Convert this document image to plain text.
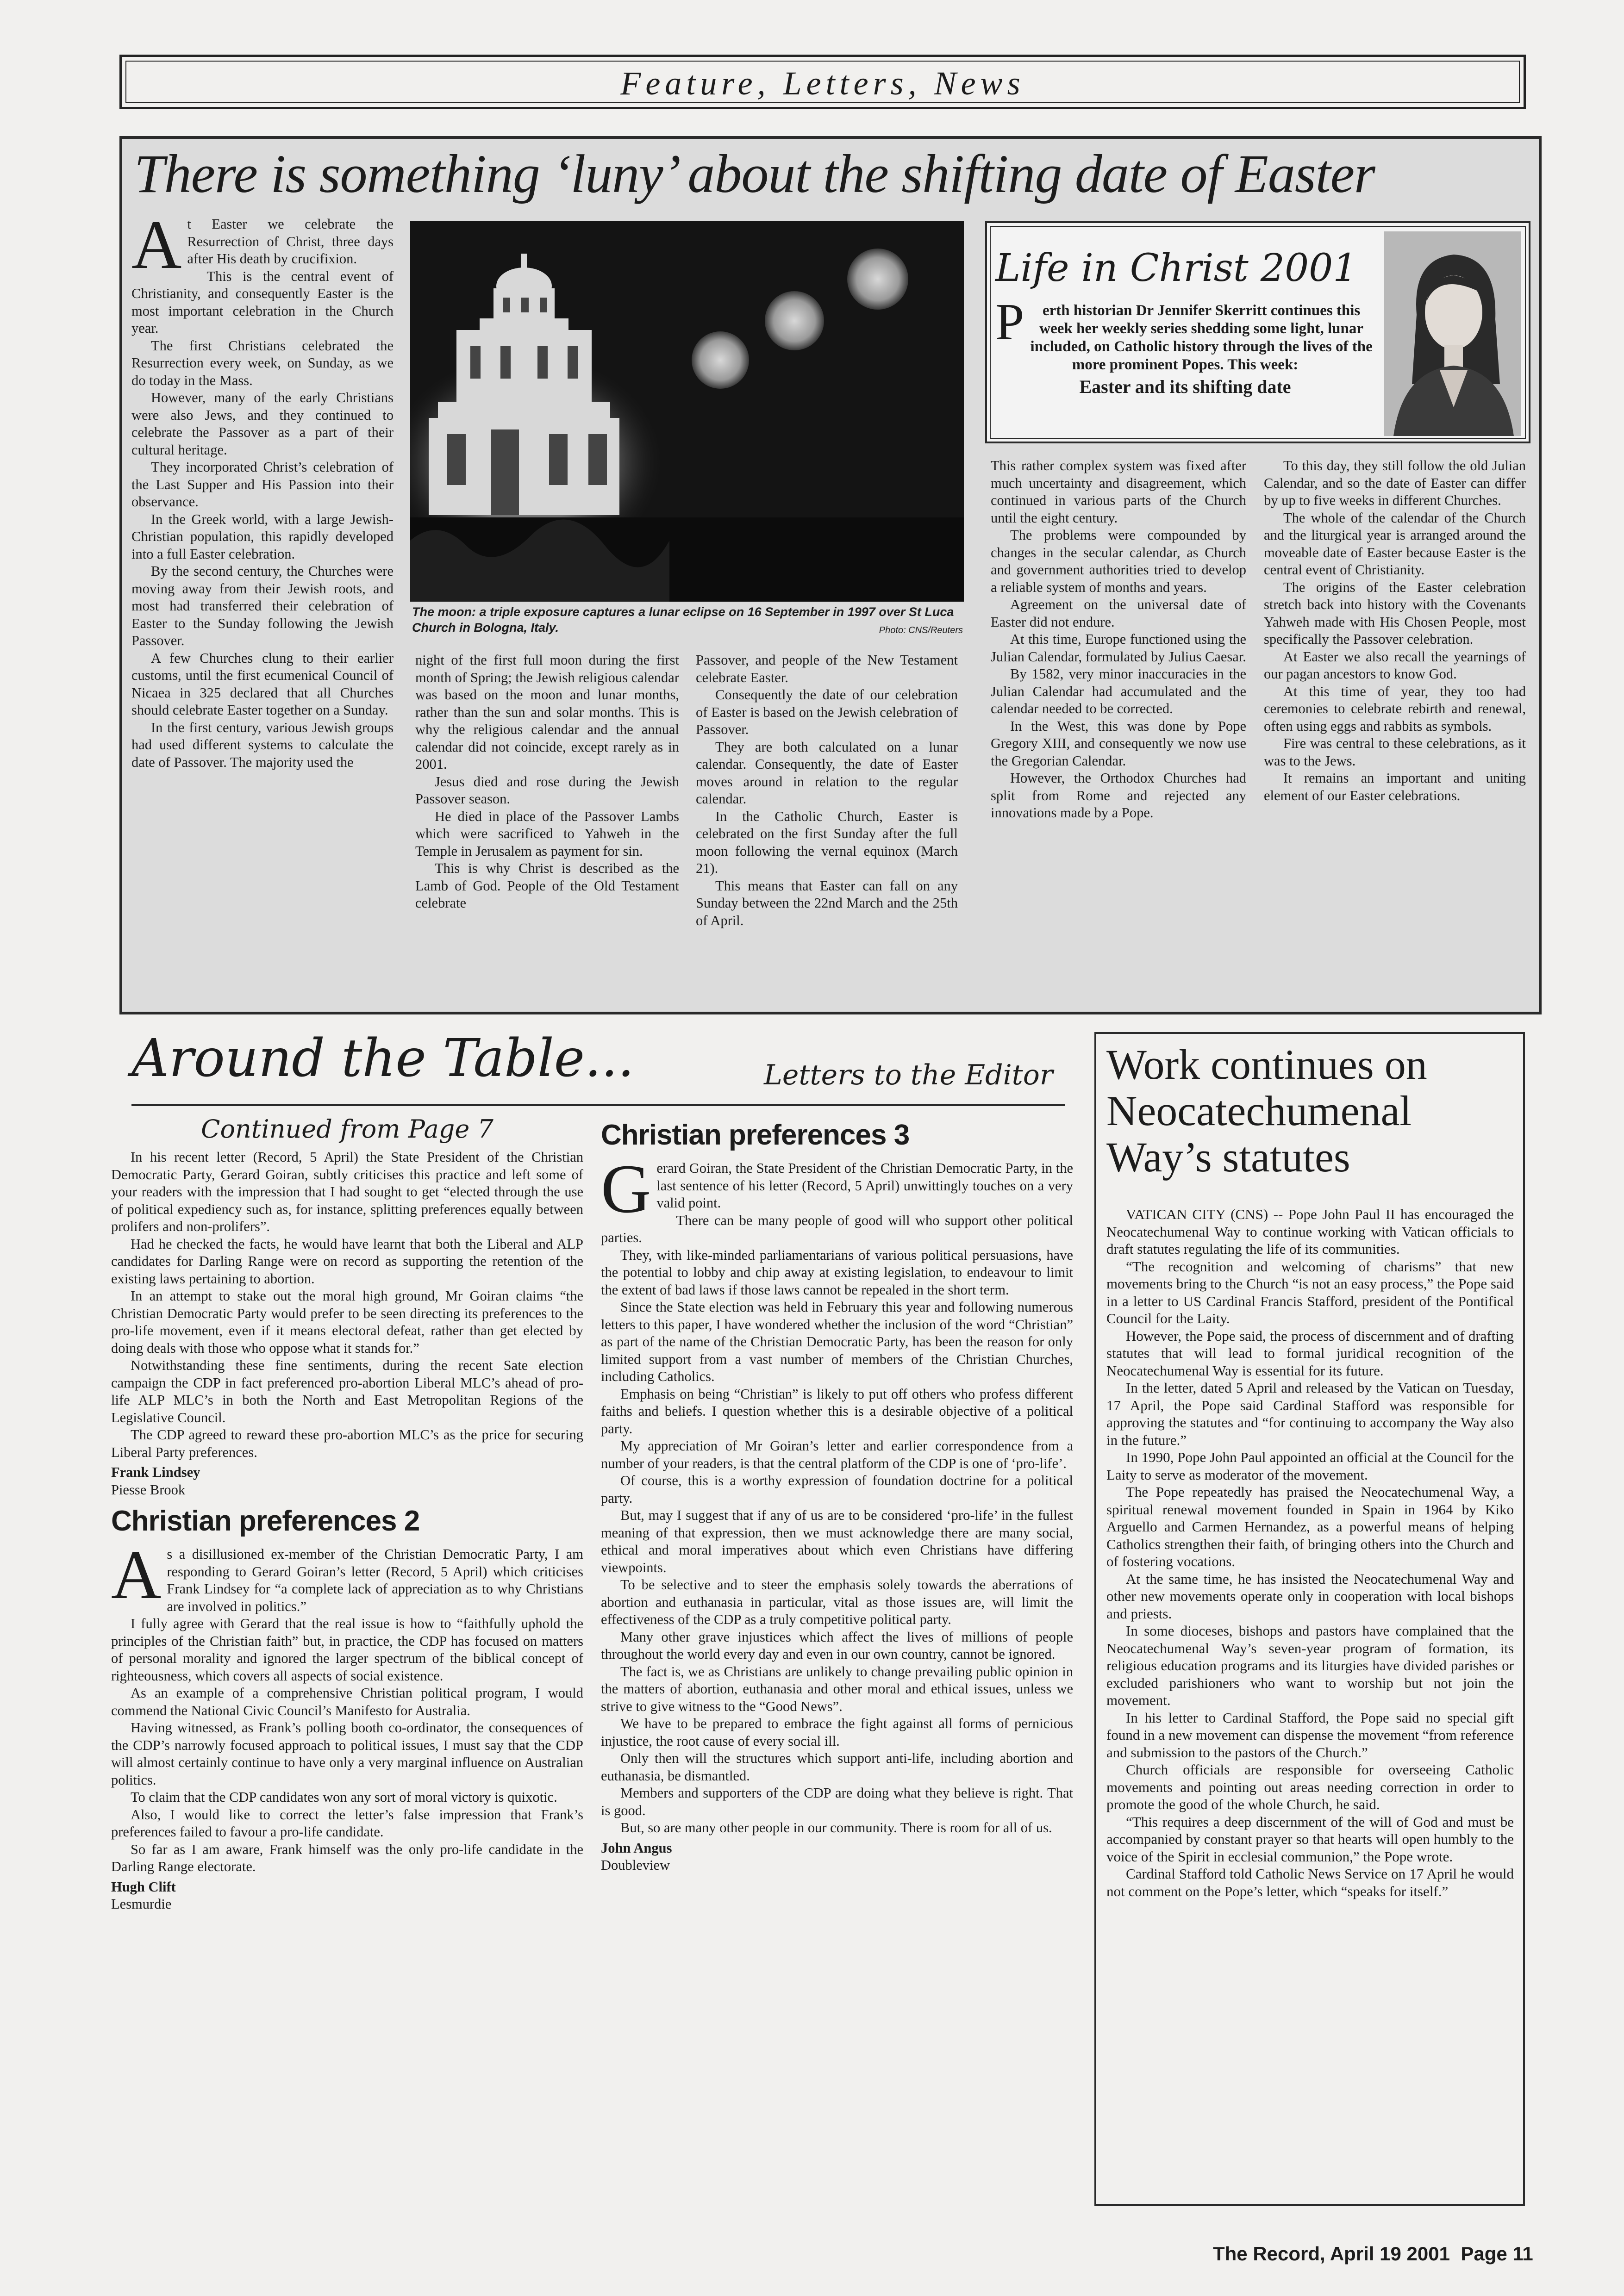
Feature, Letters, News
There is something ‘luny’ about the shifting date of Easter

At Easter we celebrate the Resurrection of Christ, three days after His death by crucifixion.

This is the central event of Christianity, and consequently Easter is the most important celebration in the Church year.

The first Christians celebrated the Resurrection every week, on Sunday, as we do today in the Mass.

However, many of the early Christians were also Jews, and they continued to celebrate the Passover as a part of their cultural heritage.

They incorporated Christ’s celebration of the Last Supper and His Passion into their observance.

In the Greek world, with a large Jewish-Christian population, this rapidly developed into a full Easter celebration.

By the second century, the Churches were moving away from their Jewish roots, and most had transferred their celebration of Easter to the Sunday following the Jewish Passover.

A few Churches clung to their earlier customs, until the first ecumenical Council of Nicaea in 325 declared that all Churches should celebrate Easter together on a Sunday.

In the first century, various Jewish groups had used different systems to calculate the date of Passover. The majority used the

The moon: a triple exposure captures a lunar eclipse on 16 September in 1997 over St Luca Church in Bologna, Italy.	Photo: CNS/Reuters

night of the first full moon during the first month of Spring; the Jewish religious calendar was based on the moon and lunar months, rather than the sun and solar months. This is why the religious calendar and the annual calendar did not coincide, except rarely as in 2001.

Jesus died and rose during the Jewish Passover season.

He died in place of the Passover Lambs which were sacrificed to Yahweh in the Temple in Jerusalem as payment for sin.

This is why Christ is described as the Lamb of God. People of the Old Testament celebrate

Passover, and people of the New Testament celebrate Easter.

Consequently the date of our celebration of Easter is based on the Jewish celebration of Passover.

They are both calculated on a lunar calendar. Consequently, the date of Easter moves around in relation to the regular calendar.

In the Catholic Church, Easter is celebrated on the first Sunday after the full moon following the vernal equinox (March 21).

This means that Easter can fall on any Sunday between the 22nd March and the 25th of April.

Life in Christ 2001
P erth historian Dr Jennifer Skerritt continues this week her weekly series shedding some light, lunar included, on Catholic history through the lives of the more prominent Popes. This week:
Easter and its shifting date

This rather complex system was fixed after much uncertainty and disagreement, which continued in various parts of the Church until the eight century.

The problems were compounded by changes in the secular calendar, as Church and government authorities tried to develop a reliable system of months and years.

Agreement on the universal date of Easter did not endure.

At this time, Europe functioned using the Julian Calendar, formulated by Julius Caesar.

By 1582, very minor inaccuracies in the Julian Calendar had accumulated and the calendar needed to be corrected.

In the West, this was done by Pope Gregory XIII, and consequently we now use the Gregorian Calendar.

However, the Orthodox Churches had split from Rome and rejected any innovations made by a Pope.

To this day, they still follow the old Julian Calendar, and so the date of Easter can differ by up to five weeks in different Churches.

The whole of the calendar of the Church and the liturgical year is arranged around the moveable date of Easter because Easter is the central event of Christianity.

The origins of the Easter celebration stretch back into history with the Covenants Yahweh made with His Chosen People, most specifically the Passover celebration.

At Easter we also recall the yearnings of our pagan ancestors to know God.

At this time of year, they too had ceremonies to celebrate rebirth and renewal, often using eggs and rabbits as symbols.

Fire was central to these celebrations, as it was to the Jews.

It remains an important and uniting element of our Easter celebrations.

Around the Table...	Letters to the Editor
Continued from Page 7

In his recent letter (Record, 5 April) the State President of the Christian Democratic Party, Gerard Goiran, subtly criticises this practice and left some of your readers with the impression that I had sought to get “elected through the use of political expediency such as, for instance, splitting preferences equally between prolifers and non-prolifers”.

Had he checked the facts, he would have learnt that both the Liberal and ALP candidates for Darling Range were on record as supporting the retention of the existing laws pertaining to abortion.

In an attempt to stake out the moral high ground, Mr Goiran claims “the Christian Democratic Party would prefer to be seen directing its preferences to the pro-life movement, even if it means electoral defeat, rather than get elected by doing deals with those who oppose what it stands for.”

Notwithstanding these fine sentiments, during the recent Sate election campaign the CDP in fact preferenced pro-abortion Liberal MLC’s ahead of pro-life ALP MLC’s in both the North and East Metropolitan Regions of the Legislative Council.

The CDP agreed to reward these pro-abortion MLC’s as the price for securing Liberal Party preferences.

Frank Lindsey

Piesse Brook

Christian preferences 2

As a disillusioned ex-member of the Christian Democratic Party, I am responding to Gerard Goiran’s letter (Record, 5 April) which criticises Frank Lindsey for “a complete lack of appreciation as to why Christians are involved in politics.”

I fully agree with Gerard that the real issue is how to “faithfully uphold the principles of the Christian faith” but, in practice, the CDP has focused on matters of personal morality and ignored the larger spectrum of the biblical concept of righteousness, which covers all aspects of social existence.

As an example of a comprehensive Christian political program, I would commend the National Civic Council’s Manifesto for Australia.

Having witnessed, as Frank’s polling booth co-ordinator, the consequences of the CDP’s narrowly focused approach to political issues, I must say that the CDP will almost certainly continue to have only a very marginal influence on Australian politics.

To claim that the CDP candidates won any sort of moral victory is quixotic.

Also, I would like to correct the letter’s false impression that Frank’s preferences failed to favour a pro-life candidate.

So far as I am aware, Frank himself was the only pro-life candidate in the Darling Range electorate.

Hugh Clift

Lesmurdie

Christian preferences 3

Gerard Goiran, the State President of the Christian Democratic Party, in the last sentence of his letter (Record, 5 April) unwittingly touches on a very valid point.

There can be many people of good will who support other political parties.

They, with like-minded parliamentarians of various political persuasions, have the potential to lobby and chip away at existing legislation, to endeavour to limit the extent of bad laws if those laws cannot be repealed in the short term.

Since the State election was held in February this year and following numerous letters to this paper, I have wondered whether the inclusion of the word “Christian” as part of the name of the Christian Democratic Party, has been the reason for only limited support from a vast number of members of the Christian Churches, including Catholics.

Emphasis on being “Christian” is likely to put off others who profess different faiths and beliefs. I question whether this is a desirable objective of a political party.

My appreciation of Mr Goiran’s letter and earlier correspondence from a number of your readers, is that the central platform of the CDP is one of ‘pro-life’.

Of course, this is a worthy expression of foundation doctrine for a political party.

But, may I suggest that if any of us are to be considered ‘pro-life’ in the fullest meaning of that expression, then we must acknowledge there are many social, ethical and moral imperatives about which even Christians have differing viewpoints.

To be selective and to steer the emphasis solely towards the aberrations of abortion and euthanasia in particular, vital as those issues are, will limit the effectiveness of the CDP as a truly competitive political party.

Many other grave injustices which affect the lives of millions of people throughout the world every day and even in our own country, cannot be ignored.

The fact is, we as Christians are unlikely to change prevailing public opinion in the matters of abortion, euthanasia and other moral and ethical issues, unless we strive to give witness to the “Good News”.

We have to be prepared to embrace the fight against all forms of pernicious injustice, the root cause of every social ill.

Only then will the structures which support anti-life, including abortion and euthanasia, be dismantled.

Members and supporters of the CDP are doing what they believe is right. That is good.

But, so are many other people in our community. There is room for all of us.

John Angus

Doubleview

Work continues on Neocatechumenal Way’s statutes

VATICAN CITY (CNS) -- Pope John Paul II has encouraged the Neocatechumenal Way to continue working with Vatican officials to draft statutes regulating the life of its communities.

“The recognition and welcoming of charisms” that new movements bring to the Church “is not an easy process,” the Pope said in a letter to US Cardinal Francis Stafford, president of the Pontifical Council for the Laity.

However, the Pope said, the process of discernment and of drafting statutes that will lead to formal juridical recognition of the Neocatechumenal Way is essential for its future.

In the letter, dated 5 April and released by the Vatican on Tuesday, 17 April, the Pope said Cardinal Stafford was responsible for approving the statutes and “for continuing to accompany the Way also in the future.”

In 1990, Pope John Paul appointed an official at the Council for the Laity to serve as moderator of the movement.

The Pope repeatedly has praised the Neocatechumenal Way, a spiritual renewal movement founded in Spain in 1964 by Kiko Arguello and Carmen Hernandez, as a powerful means of helping Catholics strengthen their faith, of bringing others into the Church and of fostering vocations.

At the same time, he has insisted the Neocatechumenal Way and other new movements operate only in cooperation with local bishops and priests.

In some dioceses, bishops and pastors have complained that the Neocatechumenal Way’s seven-year program of formation, its religious education programs and its liturgies have divided parishes or excluded parishioners who want to worship but not join the movement.

In his letter to Cardinal Stafford, the Pope said no special gift found in a new movement can dispense the movement “from reference and submission to the pastors of the Church.”

Church officials are responsible for overseeing Catholic movements and pointing out areas needing correction in order to promote the good of the whole Church, he said.

“This requires a deep discernment of the will of God and must be accompanied by constant prayer so that hearts will open humbly to the voice of the Spirit in ecclesial communion,” the Pope wrote.

Cardinal Stafford told Catholic News Service on 17 April he would not comment on the Pope’s letter, which “speaks for itself.”

The Record, April 19 2001  Page 11
